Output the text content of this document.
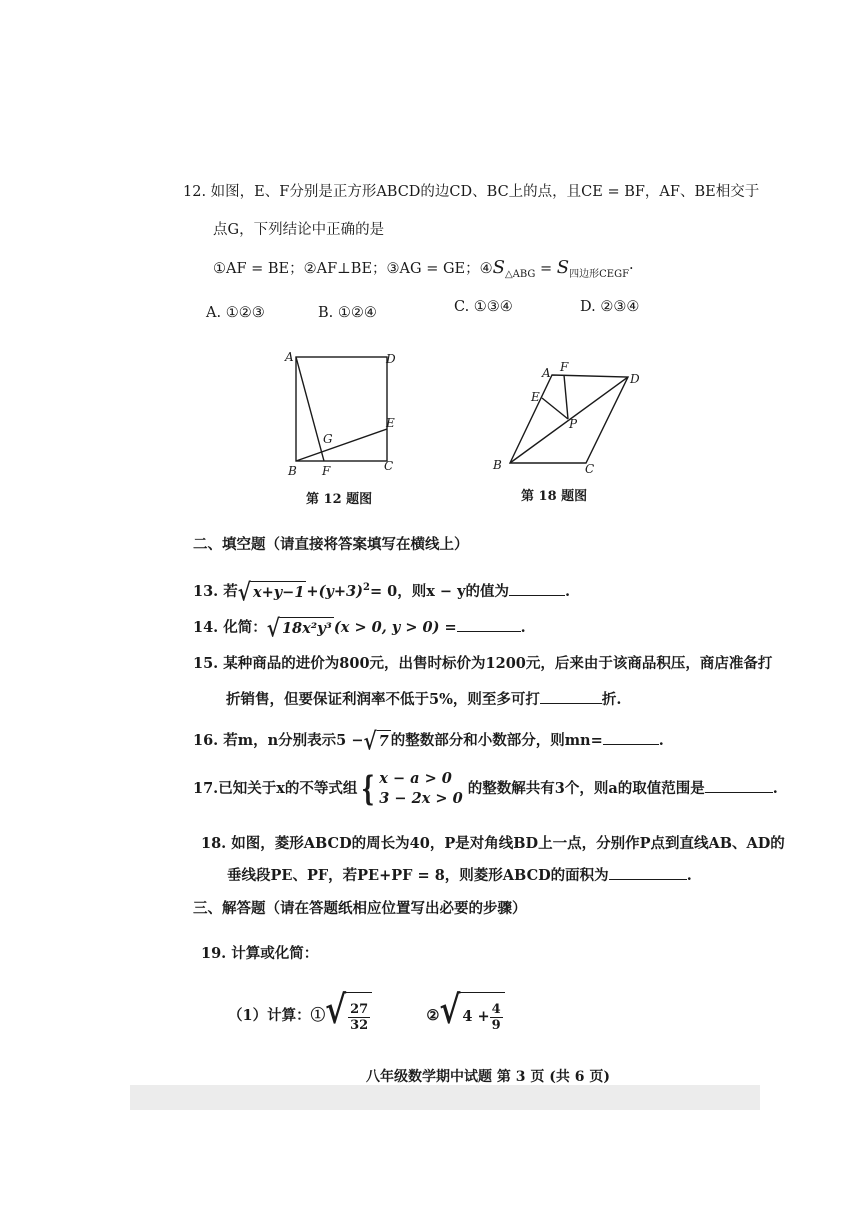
12. 如图，E、F分别是正方形ABCD的边CD、BC上的点，且CE = BF，AF、BE相交于
点G，下列结论中正确的是
①AF = BE；②AF⊥BE；③AG = GE；$④S_{\triangle ABG} = S_{四边形CEGF}\cdot$
A. ①②③	B. ①②④	C. ①③④	D. ②③④
A	D
E
G
B F	C
第 12 题图
A F
D
E
P
B	C
第 18 题图
二、填空题（请直接将答案填写在横线上）
13. 若 √ $x+y-1 +(y+3)^2= 0$，则x − y的值为	.
14. 化简： √ 18x²y³ (x > 0, y > 0) =	.
15. 某种商品的进价为800元，出售时标价为1200元，后来由于该商品积压，商店准备打
折销售，但要保证利润率不低于5%，则至多可打	折.
16. 若m，n分别表示5 − √ 7 的整数部分和小数部分，则mn=	.
17.已知关于x的不等式组 { x − a > 0
3 − 2x > 0
的整数解共有3个，则a的取值范围是	.
18. 如图，菱形ABCD的周长为40，P是对角线BD上一点，分别作P点到直线AB、AD的
垂线段PE、PF，若PE+PF = 8，则菱形ABCD的面积为	.
三、解答题（请在答题纸相应位置写出必要的步骤）
19. 计算或化简：
（1）计算：① √ $\frac{27}{32}$	② √ $4 + \frac{4}{9}$
八年级数学期中试题 第 3 页 (共 6 页)
